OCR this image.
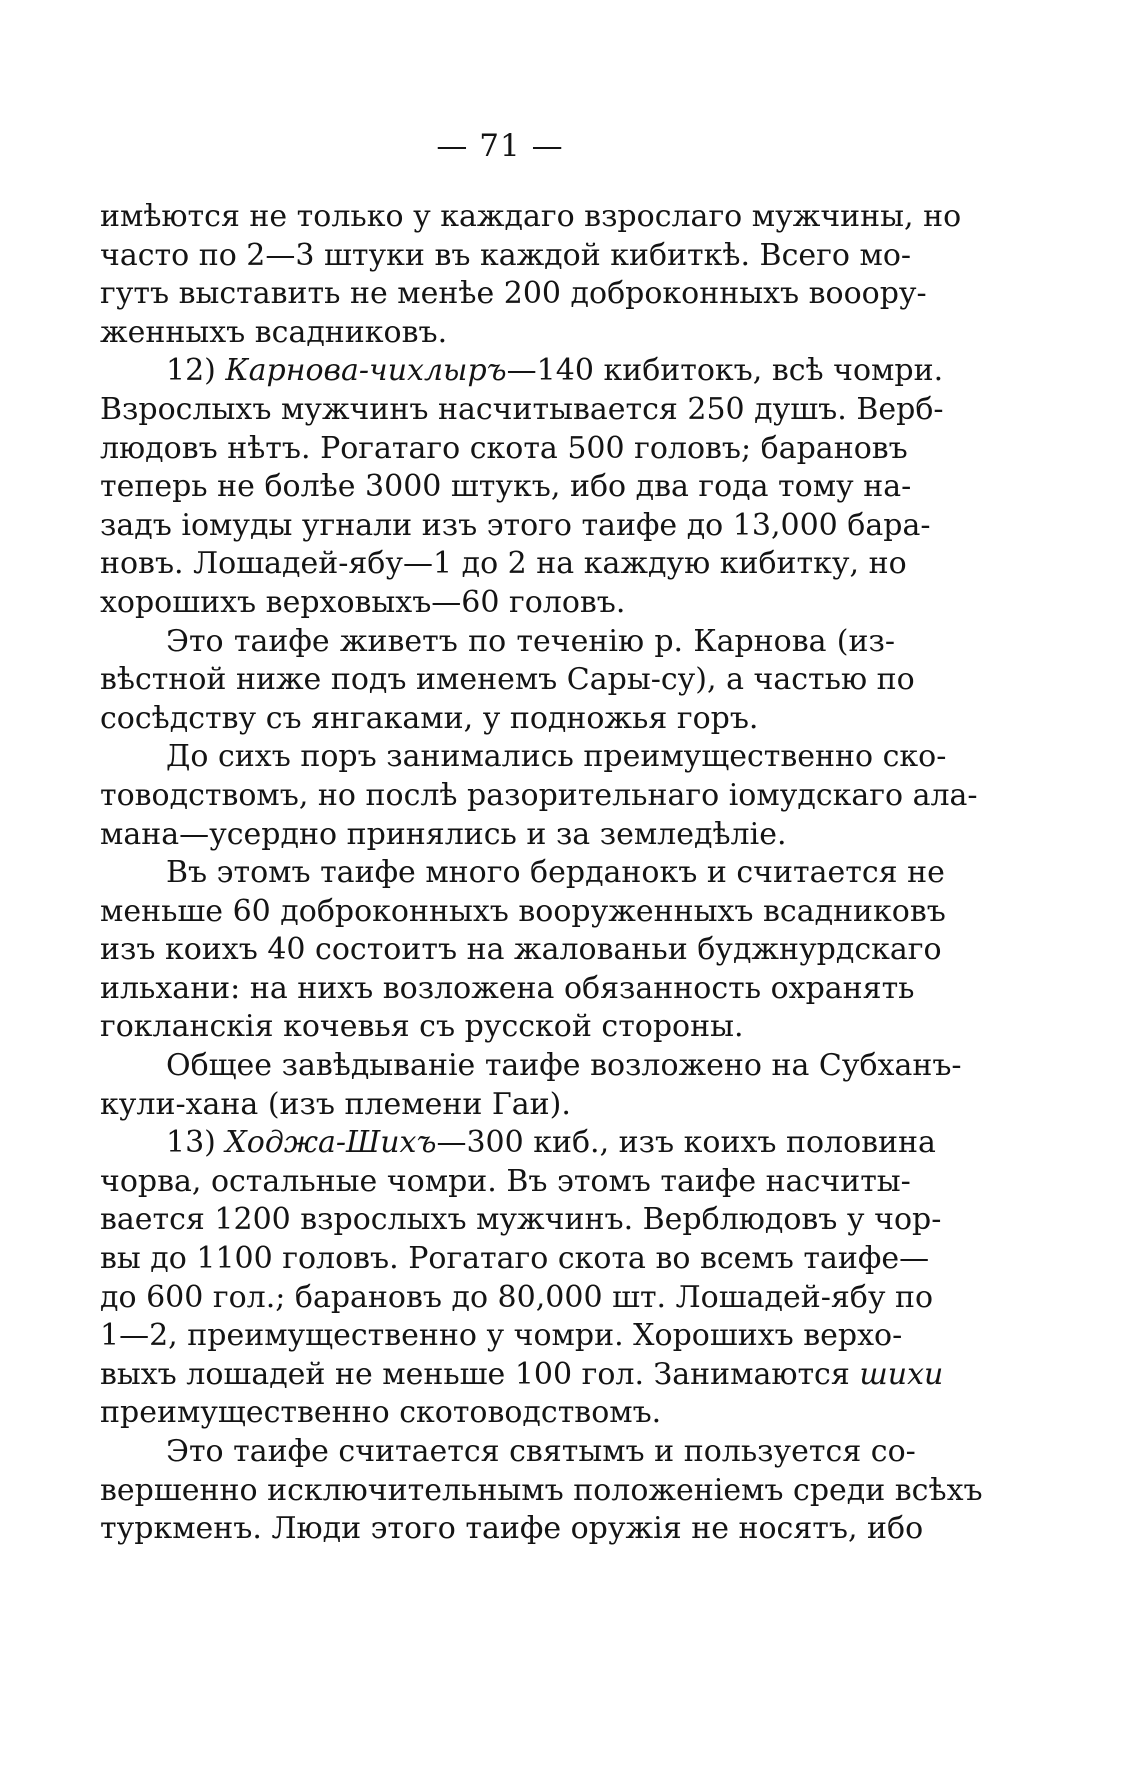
— 71 —
имѣются не только у каждаго взрослаго мужчины, но
часто по 2—3 штуки въ каждой кибиткѣ. Всего мо-
гутъ выставить не менѣе 200 доброконныхъ вооору-
женныхъ всадниковъ.
12) Карнова-чихлыръ—140 кибитокъ, всѣ чомри.
Взрослыхъ мужчинъ насчитывается 250 душъ. Верб-
людовъ нѣтъ. Рогатаго скота 500 головъ; барановъ
теперь не болѣе 3000 штукъ, ибо два года тому на-
задъ іомуды угнали изъ этого таифе до 13,000 бара-
новъ. Лошадей-ябу—1 до 2 на каждую кибитку, но
хорошихъ верховыхъ—60 головъ.
Это таифе живетъ по теченію р. Карнова (из-
вѣстной ниже подъ именемъ Сары-су), а частью по
сосѣдству съ янгаками, у подножья горъ.
До сихъ поръ занимались преимущественно ско-
товодствомъ, но послѣ разорительнаго іомудскаго ала-
мана—усердно принялись и за земледѣліе.
Въ этомъ таифе много берданокъ и считается не
меньше 60 доброконныхъ вооруженныхъ всадниковъ
изъ коихъ 40 состоитъ на жалованьи буджнурдскаго
ильхани: на нихъ возложена обязанность охранять
гокланскія кочевья съ русской стороны.
Общее завѣдываніе таифе возложено на Субханъ-
кули-хана (изъ племени Гаи).
13) Ходжа-Шихъ—300 киб., изъ коихъ половина
чорва, остальные чомри. Въ этомъ таифе насчиты-
вается 1200 взрослыхъ мужчинъ. Верблюдовъ у чор-
вы до 1100 головъ. Рогатаго скота во всемъ таифе—
до 600 гол.; барановъ до 80,000 шт. Лошадей-ябу по
1—2, преимущественно у чомри. Хорошихъ верхо-
выхъ лошадей не меньше 100 гол. Занимаются шихи
преимущественно скотоводствомъ.
Это таифе считается святымъ и пользуется со-
вершенно исключительнымъ положеніемъ среди всѣхъ
туркменъ. Люди этого таифе оружія не носятъ, ибо
